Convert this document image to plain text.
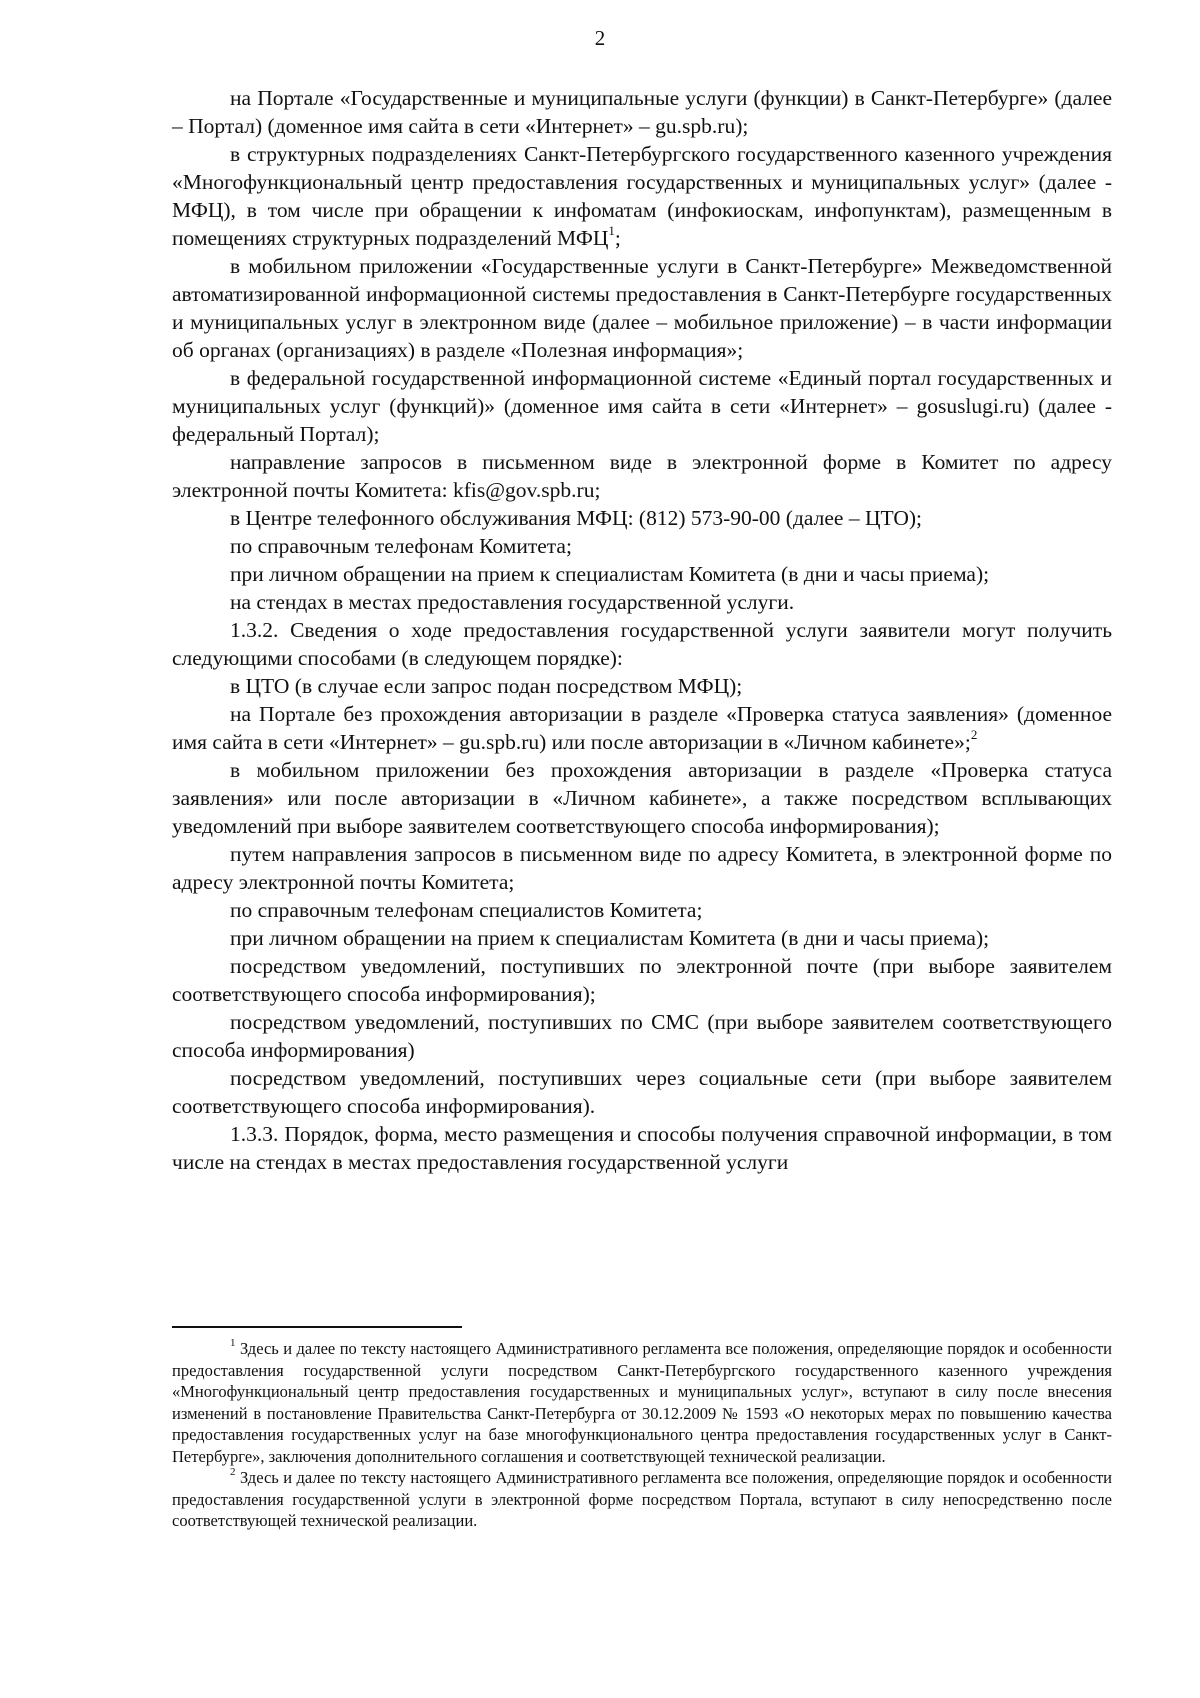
2

на Портале «Государственные и муниципальные услуги (функции) в Санкт-Петербурге» (далее – Портал) (доменное имя сайта в сети «Интернет» – gu.spb.ru);

в структурных подразделениях Санкт-Петербургского государственного казенного учреждения «Многофункциональный центр предоставления государственных и муниципальных услуг» (далее - МФЦ), в том числе при обращении к инфоматам (инфокиоскам, инфопунктам), размещенным в помещениях структурных подразделений МФЦ$^1$;

в мобильном приложении «Государственные услуги в Санкт-Петербурге» Межведомственной автоматизированной информационной системы предоставления в Санкт-Петербурге государственных и муниципальных услуг в электронном виде (далее – мобильное приложение) – в части информации об органах (организациях) в разделе «Полезная информация»;

в федеральной государственной информационной системе «Единый портал государственных и муниципальных услуг (функций)» (доменное имя сайта в сети «Интернет» – gosuslugi.ru) (далее - федеральный Портал);

направление запросов в письменном виде в электронной форме в Комитет по адресу электронной почты Комитета: kfis@gov.spb.ru;

в Центре телефонного обслуживания МФЦ: (812) 573-90-00 (далее – ЦТО);

по справочным телефонам Комитета;

при личном обращении на прием к специалистам Комитета (в дни и часы приема);

на стендах в местах предоставления государственной услуги.

1.3.2. Сведения о ходе предоставления государственной услуги заявители могут получить следующими способами (в следующем порядке):

в ЦТО (в случае если запрос подан посредством МФЦ);

на Портале без прохождения авторизации в разделе «Проверка статуса заявления» (доменное имя сайта в сети «Интернет» – gu.spb.ru) или после авторизации в «Личном кабинете»;$^2$

в мобильном приложении без прохождения авторизации в разделе «Проверка статуса заявления» или после авторизации в «Личном кабинете», а также посредством всплывающих уведомлений при выборе заявителем соответствующего способа информирования);

путем направления запросов в письменном виде по адресу Комитета, в электронной форме по адресу электронной почты Комитета;

по справочным телефонам специалистов Комитета;

при личном обращении на прием к специалистам Комитета (в дни и часы приема);

посредством уведомлений, поступивших по электронной почте (при выборе заявителем соответствующего способа информирования);

посредством уведомлений, поступивших по СМС (при выборе заявителем соответствующего способа информирования)

посредством уведомлений, поступивших через социальные сети (при выборе заявителем соответствующего способа информирования).

1.3.3. Порядок, форма, место размещения и способы получения справочной информации, в том числе на стендах в местах предоставления государственной услуги

$^1$ Здесь и далее по тексту настоящего Административного регламента все положения, определяющие порядок и особенности предоставления государственной услуги посредством Санкт-Петербургского государственного казенного учреждения «Многофункциональный центр предоставления государственных и муниципальных услуг», вступают в силу после внесения изменений в постановление Правительства Санкт-Петербурга от 30.12.2009 № 1593 «О некоторых мерах по повышению качества предоставления государственных услуг на базе многофункционального центра предоставления государственных услуг в Санкт-Петербурге», заключения дополнительного соглашения и соответствующей технической реализации.

$^2$ Здесь и далее по тексту настоящего Административного регламента все положения, определяющие порядок и особенности предоставления государственной услуги в электронной форме посредством Портала, вступают в силу непосредственно после соответствующей технической реализации.
